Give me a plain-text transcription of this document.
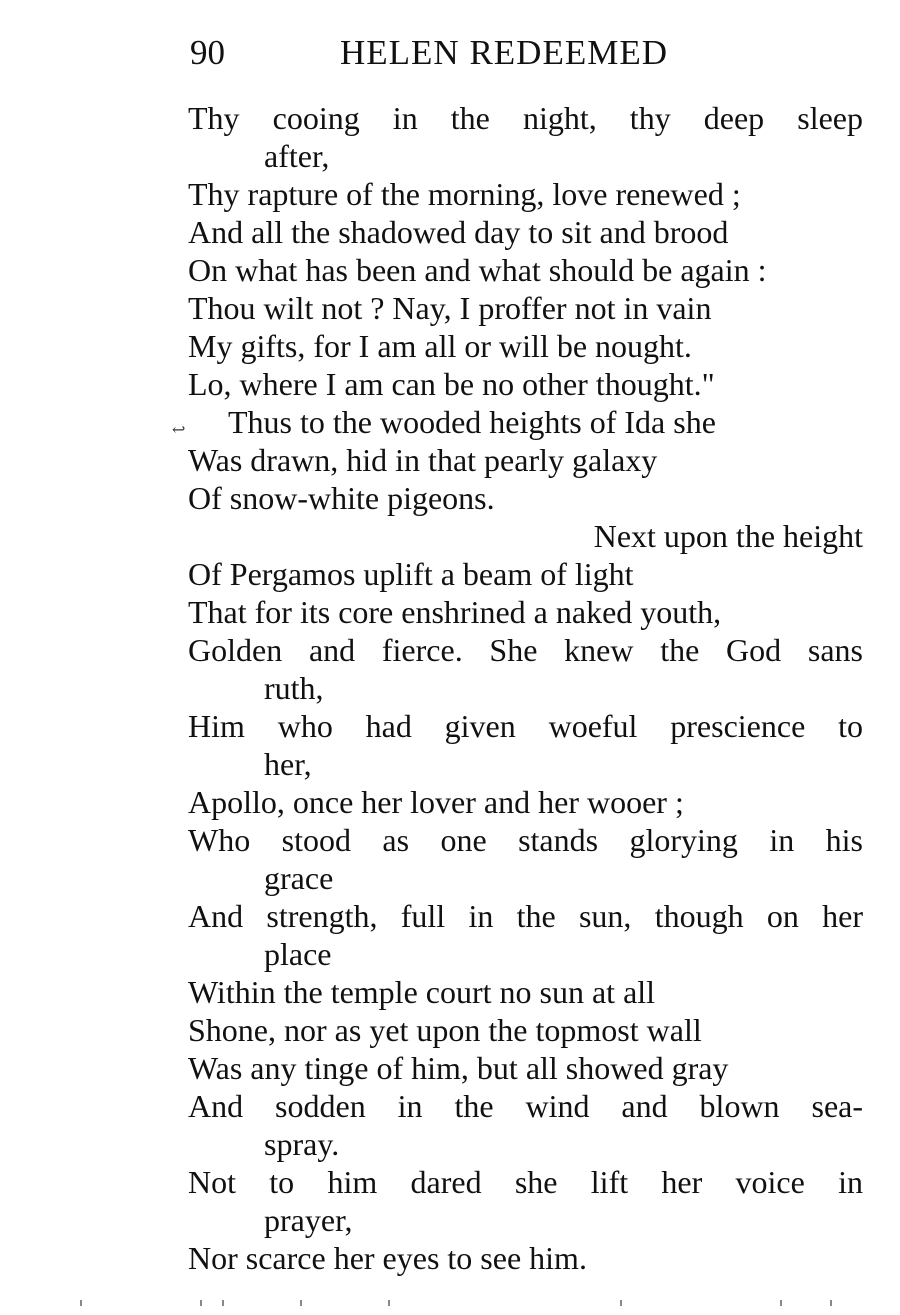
90	HELEN REDEEMED
↩
Thy cooing in the night, thy deep sleep
after,
Thy rapture of the morning, love renewed ;
And all the shadowed day to sit and brood
On what has been and what should be again :
Thou wilt not ? Nay, I proffer not in vain
My gifts, for I am all or will be nought.
Lo, where I am can be no other thought."
Thus to the wooded heights of Ida she
Was drawn, hid in that pearly galaxy
Of snow-white pigeons.
Next upon the height
Of Pergamos uplift a beam of light
That for its core enshrined a naked youth,
Golden and fierce. She knew the God sans
ruth,
Him who had given woeful prescience to
her,
Apollo, once her lover and her wooer ;
Who stood as one stands glorying in his
grace
And strength, full in the sun, though on her
place
Within the temple court no sun at all
Shone, nor as yet upon the topmost wall
Was any tinge of him, but all showed gray
And sodden in the wind and blown sea-
spray.
Not to him dared she lift her voice in
prayer,
Nor scarce her eyes to see him.
